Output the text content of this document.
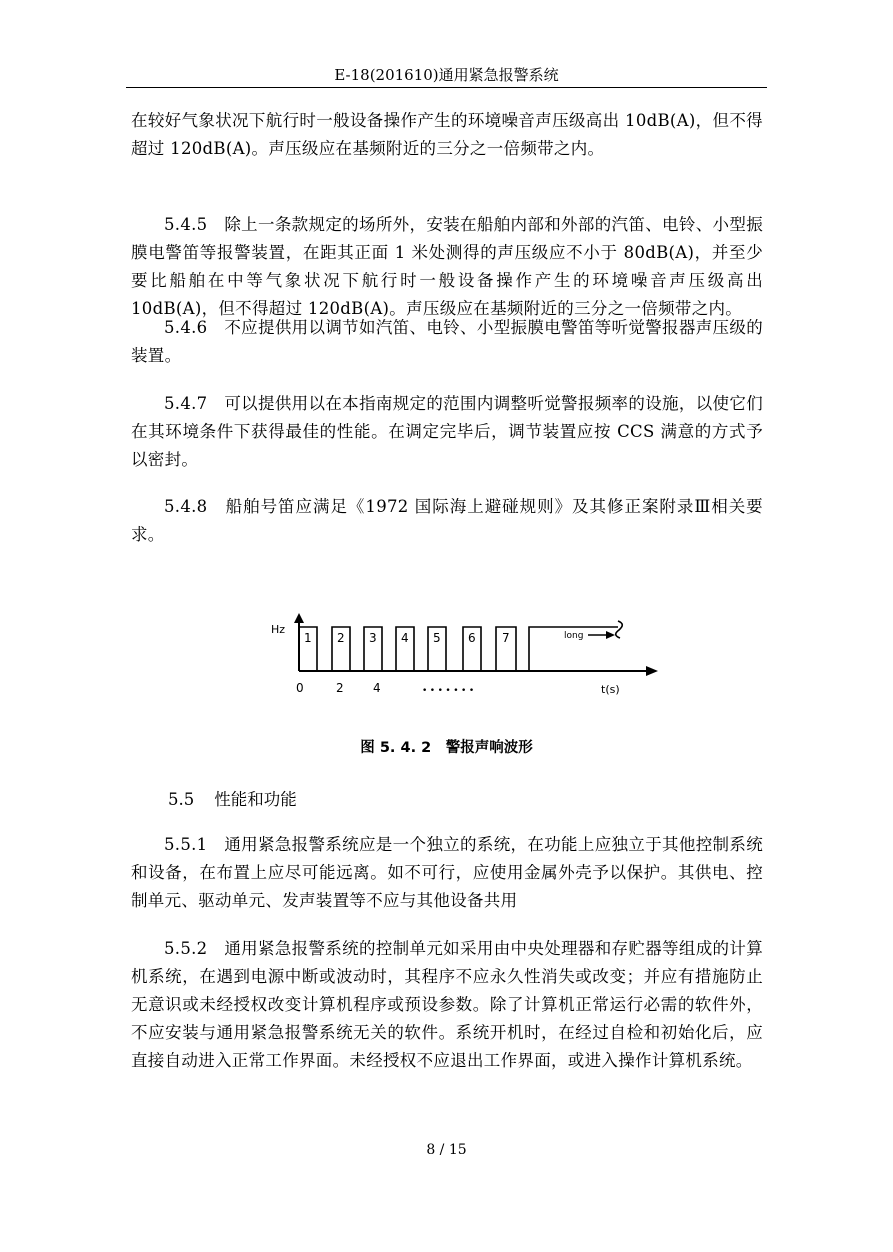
E-18(201610)通用紧急报警系统
在较好气象状况下航行时一般设备操作产生的环境噪音声压级高出 10dB(A)，但不得超过 120dB(A)。声压级应在基频附近的三分之一倍频带之内。
5.4.5　除上一条款规定的场所外，安装在船舶内部和外部的汽笛、电铃、小型振膜电警笛等报警装置，在距其正面 1 米处测得的声压级应不小于 80dB(A)，并至少要比船舶在中等气象状况下航行时一般设备操作产生的环境噪音声压级高出 10dB(A)，但不得超过 120dB(A)。声压级应在基频附近的三分之一倍频带之内。
5.4.6　不应提供用以调节如汽笛、电铃、小型振膜电警笛等听觉警报器声压级的装置。
5.4.7　可以提供用以在本指南规定的范围内调整听觉警报频率的设施，以使它们在其环境条件下获得最佳的性能。在调定完毕后，调节装置应按 CCS 满意的方式予以密封。
5.4.8　船舶号笛应满足《1972 国际海上避碰规则》及其修正案附录Ⅲ相关要求。
Hz
t(s)
1 2 3 4 5 6 7	long
0	2 4	•••••••
图 5. 4. 2　警报声响波形
5.5 性能和功能
5.5.1　通用紧急报警系统应是一个独立的系统，在功能上应独立于其他控制系统和设备，在布置上应尽可能远离。如不可行，应使用金属外壳予以保护。其供电、控制单元、驱动单元、发声装置等不应与其他设备共用
5.5.2　通用紧急报警系统的控制单元如采用由中央处理器和存贮器等组成的计算机系统，在遇到电源中断或波动时，其程序不应永久性消失或改变；并应有措施防止无意识或未经授权改变计算机程序或预设参数。除了计算机正常运行必需的软件外，不应安装与通用紧急报警系统无关的软件。系统开机时，在经过自检和初始化后，应直接自动进入正常工作界面。未经授权不应退出工作界面，或进入操作计算机系统。
8 / 15
